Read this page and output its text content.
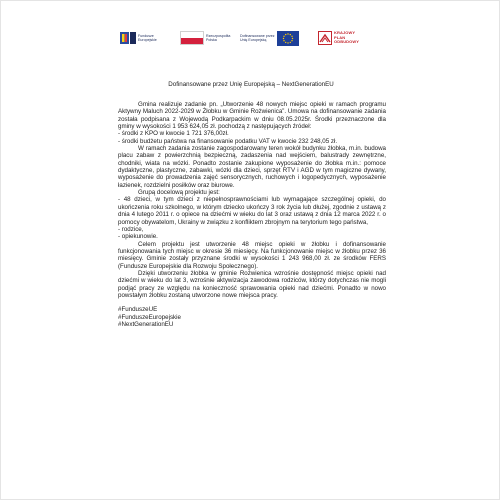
Fundusze
Europejskie
Rzeczpospolita
Polska
Dofinansowane przez
Unię Europejską
KRAJOWY
PLAN
ODBUDOWY
Dofinansowane przez Unię Europejską – NextGenerationEU

Gmina realizuje zadanie pn. „Utworzenie 48 nowych miejsc opieki w ramach programu Aktywny Maluch 2022-2029 w Żłobku w Gminie Rożwienica”. Umowa na dofinansowanie zadania została podpisana z Wojewodą Podkarpackim w dniu 08.05.2025r. Środki przeznaczone dla gminy w wysokości 1 953 624,05 zł. pochodzą z następujących źródeł:

- środki z KPO w kwocie 1 721 376,00zł.

- środki budżetu państwa na finansowanie podatku VAT w kwocie 232 248,05 zł.

W ramach zadania zostanie zagospodarowany teren wokół budynku żłobka, m.in. budowa placu zabaw z powierzchnią bezpieczną, zadaszenia nad wejściem, balustrady zewnętrzne, chodniki, wiata na wózki. Ponadto zostanie zakupione wyposażenie do żłobka m.in.: pomoce dydaktyczne, plastyczne, zabawki, wózki dla dzieci, sprzęt RTV i AGD w tym magiczne dywany, wyposażenie do prowadzenia zajęć sensorycznych, ruchowych i logopedycznych, wyposażenie łazienek, rozdzielni posiłków oraz biurowe.

Grupą docelową projektu jest:

- 48 dzieci, w tym dzieci z niepełnosprawnościami lub wymagające szczególnej opieki, do ukończenia roku szkolnego, w którym dziecko ukończy 3 rok życia lub dłużej, zgodnie z ustawą z dnia 4 lutego 2011 r. o opiece na dziećmi w wieku do lat 3 oraz ustawą z dnia 12 marca 2022 r. o pomocy obywatelom, Ukrainy w związku z konfliktem zbrojnym na terytorium tego państwa,

- rodzice,

- opiekunowie.

Celem projektu jest utworzenie 48 miejsc opieki w żłobku i dofinansowanie funkcjonowania tych miejsc w okresie 36 miesięcy. Na funkcjonowanie miejsc w żłobku przez 36 miesięcy. Gminie zostały przyznane środki w wysokości 1 243 968,00 zł. ze środków FERS (Fundusze Europejskie dla Rozwoju Społecznego).

Dzięki utworzeniu żłobka w gminie Rożwienica wzrośnie dostępność miejsc opieki nad dziećmi w wieku do lat 3, wzrośnie aktywizacja zawodowa rodziców, którzy dotychczas nie mogli podjąć pracy ze względu na konieczność sprawowania opieki nad dziećmi. Ponadto w nowo powstałym żłobku zostaną utworzone nowe miejsca pracy.

#FunduszeUE
#FunduszeEuropejskie
#NextGenerationEU
